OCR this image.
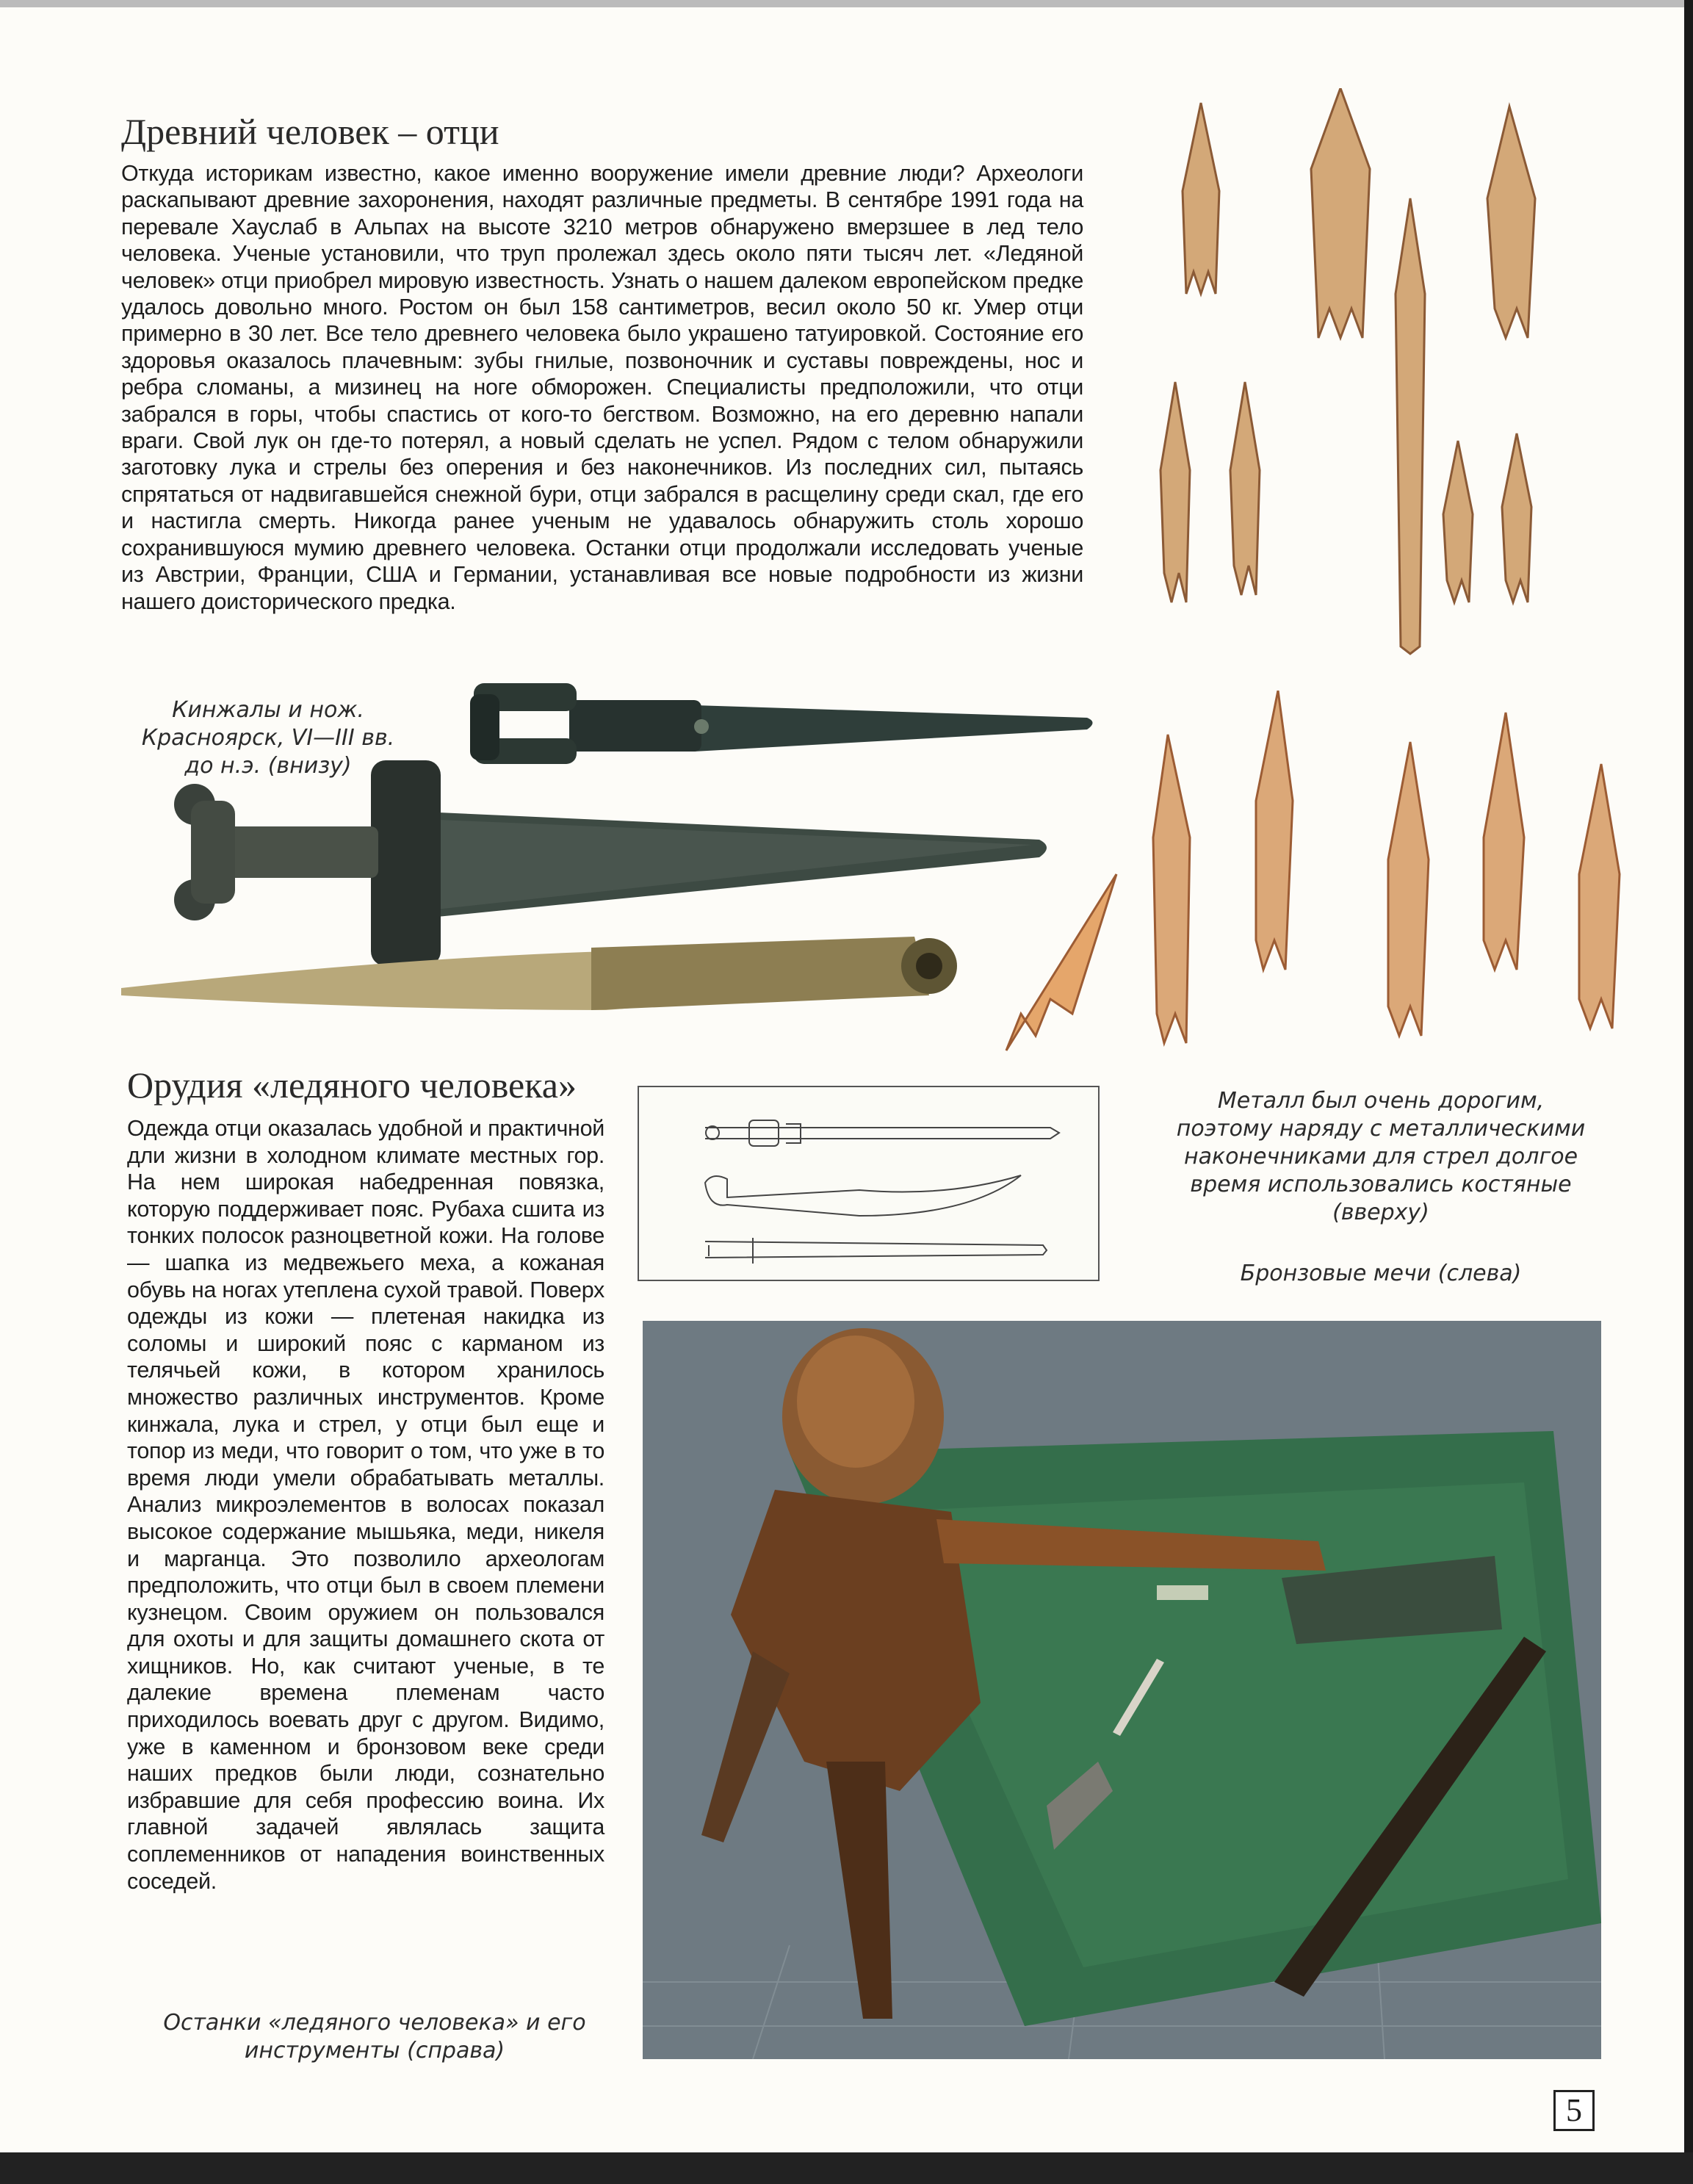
Древний человек – отци

Откуда историкам известно, какое именно вооружение имели древние люди? Археологи раскапывают древние захоронения, находят различные предметы. В сентябре 1991 года на перевале Хауслаб в Альпах на высоте 3210 метров обнаружено вмерзшее в лед тело человека. Ученые установили, что труп пролежал здесь около пяти тысяч лет. «Ледяной человек» отци приобрел мировую известность. Узнать о нашем далеком европейском предке удалось довольно много. Ростом он был 158 сантиметров, весил около 50 кг. Умер отци примерно в 30 лет. Все тело древнего человека было украшено татуировкой. Состояние его здоровья оказалось плачевным: зубы гнилые, позвоночник и суставы повреждены, нос и ребра сломаны, а мизинец на ноге обморожен. Специалисты предположили, что отци забрался в горы, чтобы спастись от кого-то бегством. Возможно, на его деревню напали враги. Свой лук он где-то потерял, а новый сделать не успел. Рядом с телом обнаружили заготовку лука и стрелы без оперения и без наконечников. Из последних сил, пытаясь спрятаться от надвигавшейся снежной бури, отци забрался в расщелину среди скал, где его и настигла смерть. Никогда ранее ученым не удавалось обнаружить столь хорошо сохранившуюся мумию древнего человека. Останки отци продолжали исследовать ученые из Австрии, Франции, США и Германии, устанавливая все новые подробности из жизни нашего доисторического предка.

Кинжалы и нож.

Красноярск, VI—III вв.

до н.э. (внизу)

Металл был очень дорогим,

поэтому наряду с металлическими

наконечниками для стрел долгое

время использовались костяные

(вверху)

Бронзовые мечи (слева)

Орудия «ледяного человека»

Одежда отци оказалась удобной и практичной дли жизни в холодном климате местных гор. На нем широкая набедренная повязка, которую поддерживает пояс. Рубаха сшита из тонких полосок разноцветной кожи. На голове — шапка из медвежьего меха, а кожаная обувь на ногах утеплена сухой травой. Поверх одежды из кожи — плетеная накидка из соломы и широкий пояс с карманом из телячьей кожи, в котором хранилось множество различных инструментов. Кроме кинжала, лука и стрел, у отци был еще и топор из меди, что говорит о том, что уже в то время люди умели обрабатывать металлы. Анализ микроэлементов в волосах показал высокое содержание мышьяка, меди, никеля и марганца. Это позволило археологам предположить, что отци был в своем племени кузнецом. Своим оружием он пользовался для охоты и для защиты домашнего скота от хищников. Но, как считают ученые, в те далекие времена племенам часто приходилось воевать друг с другом. Видимо, уже в каменном и бронзовом веке среди наших предков были люди, сознательно избравшие для себя профессию воина. Их главной задачей являлась защита соплеменников от нападения воинственных соседей.

Останки «ледяного человека» и его

инструменты (справа)

5
